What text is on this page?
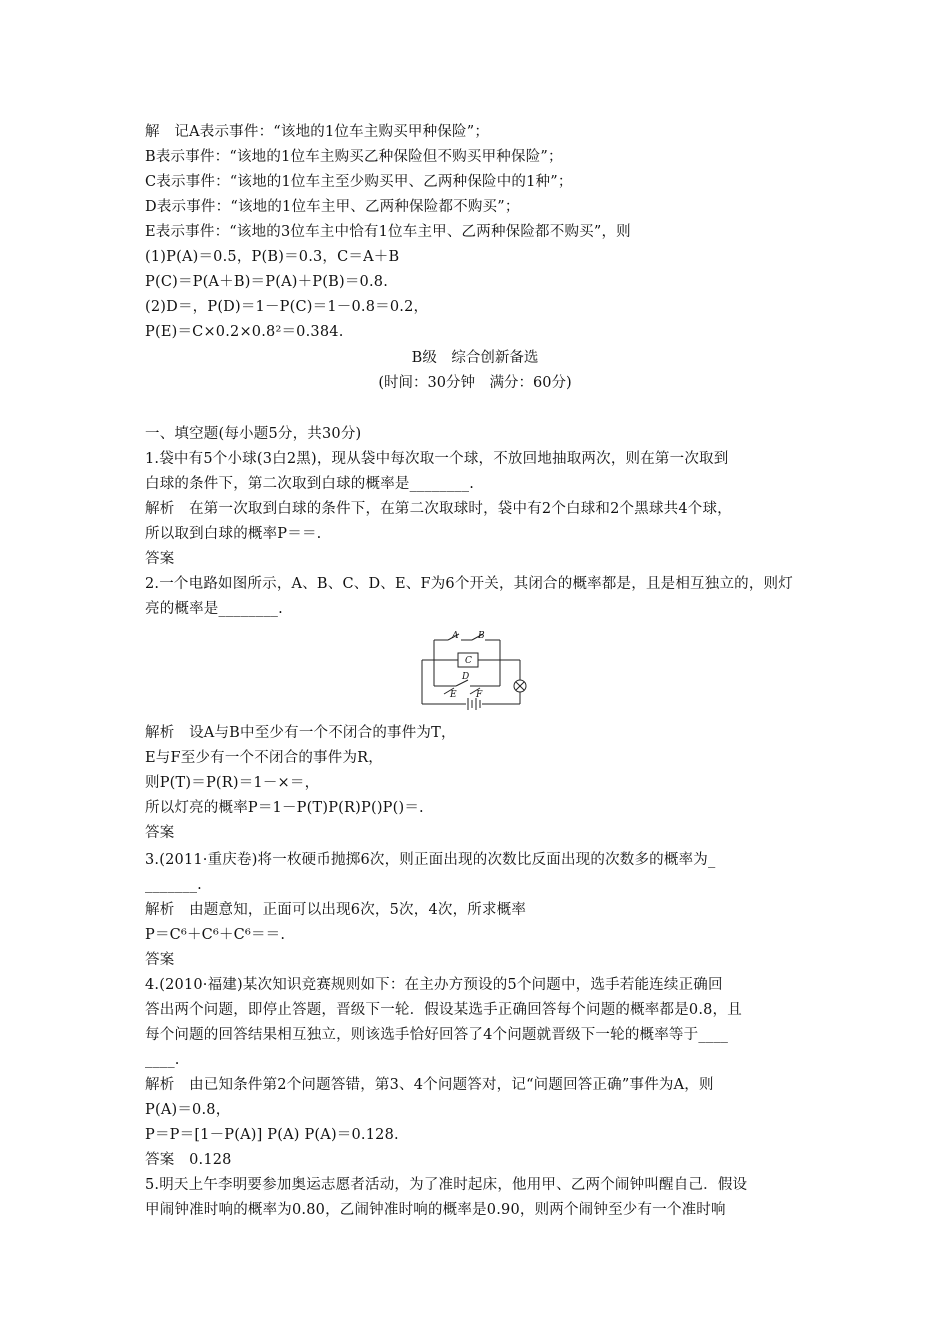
解　记A表示事件：“该地的1位车主购买甲种保险”；
B表示事件：“该地的1位车主购买乙种保险但不购买甲种保险”；
C表示事件：“该地的1位车主至少购买甲、乙两种保险中的1种”；
D表示事件：“该地的1位车主甲、乙两种保险都不购买”；
E表示事件：“该地的3位车主中恰有1位车主甲、乙两种保险都不购买”，则
(1)P(A)＝0.5，P(B)＝0.3，C＝A＋B
P(C)＝P(A＋B)＝P(A)＋P(B)＝0.8.
(2)D＝，P(D)＝1－P(C)＝1－0.8＝0.2，
P(E)＝C×0.2×0.8²＝0.384.
B级　综合创新备选
(时间：30分钟　满分：60分)
一、填空题(每小题5分，共30分)
1.袋中有5个小球(3白2黑)，现从袋中每次取一个球，不放回地抽取两次，则在第一次取到
白球的条件下，第二次取到白球的概率是________.
解析　在第一次取到白球的条件下，在第二次取球时，袋中有2个白球和2个黑球共4个球，
所以取到白球的概率P＝＝.
答案
2.一个电路如图所示，A、B、C、D、E、F为6个开关，其闭合的概率都是，且是相互独立的，则灯
亮的概率是________.
A B
C
D
E F
解析　设A与B中至少有一个不闭合的事件为T，
E与F至少有一个不闭合的事件为R，
则P(T)＝P(R)＝1－×＝，
所以灯亮的概率P＝1－P(T)P(R)P()P()＝.
答案
3.(2011·重庆卷)将一枚硬币抛掷6次，则正面出现的次数比反面出现的次数多的概率为_
_______.
解析　由题意知，正面可以出现6次，5次，4次，所求概率
P＝C⁶＋C⁶＋C⁶＝＝.
答案
4.(2010·福建)某次知识竞赛规则如下：在主办方预设的5个问题中，选手若能连续正确回
答出两个问题，即停止答题，晋级下一轮．假设某选手正确回答每个问题的概率都是0.8，且
每个问题的回答结果相互独立，则该选手恰好回答了4个问题就晋级下一轮的概率等于____
____.
解析　由已知条件第2个问题答错，第3、4个问题答对，记“问题回答正确”事件为A，则
P(A)＝0.8，
P＝P＝[1－P(A)] P(A) P(A)＝0.128.
答案　0.128
5.明天上午李明要参加奥运志愿者活动，为了准时起床，他用甲、乙两个闹钟叫醒自己．假设
甲闹钟准时响的概率为0.80，乙闹钟准时响的概率是0.90，则两个闹钟至少有一个准时响
